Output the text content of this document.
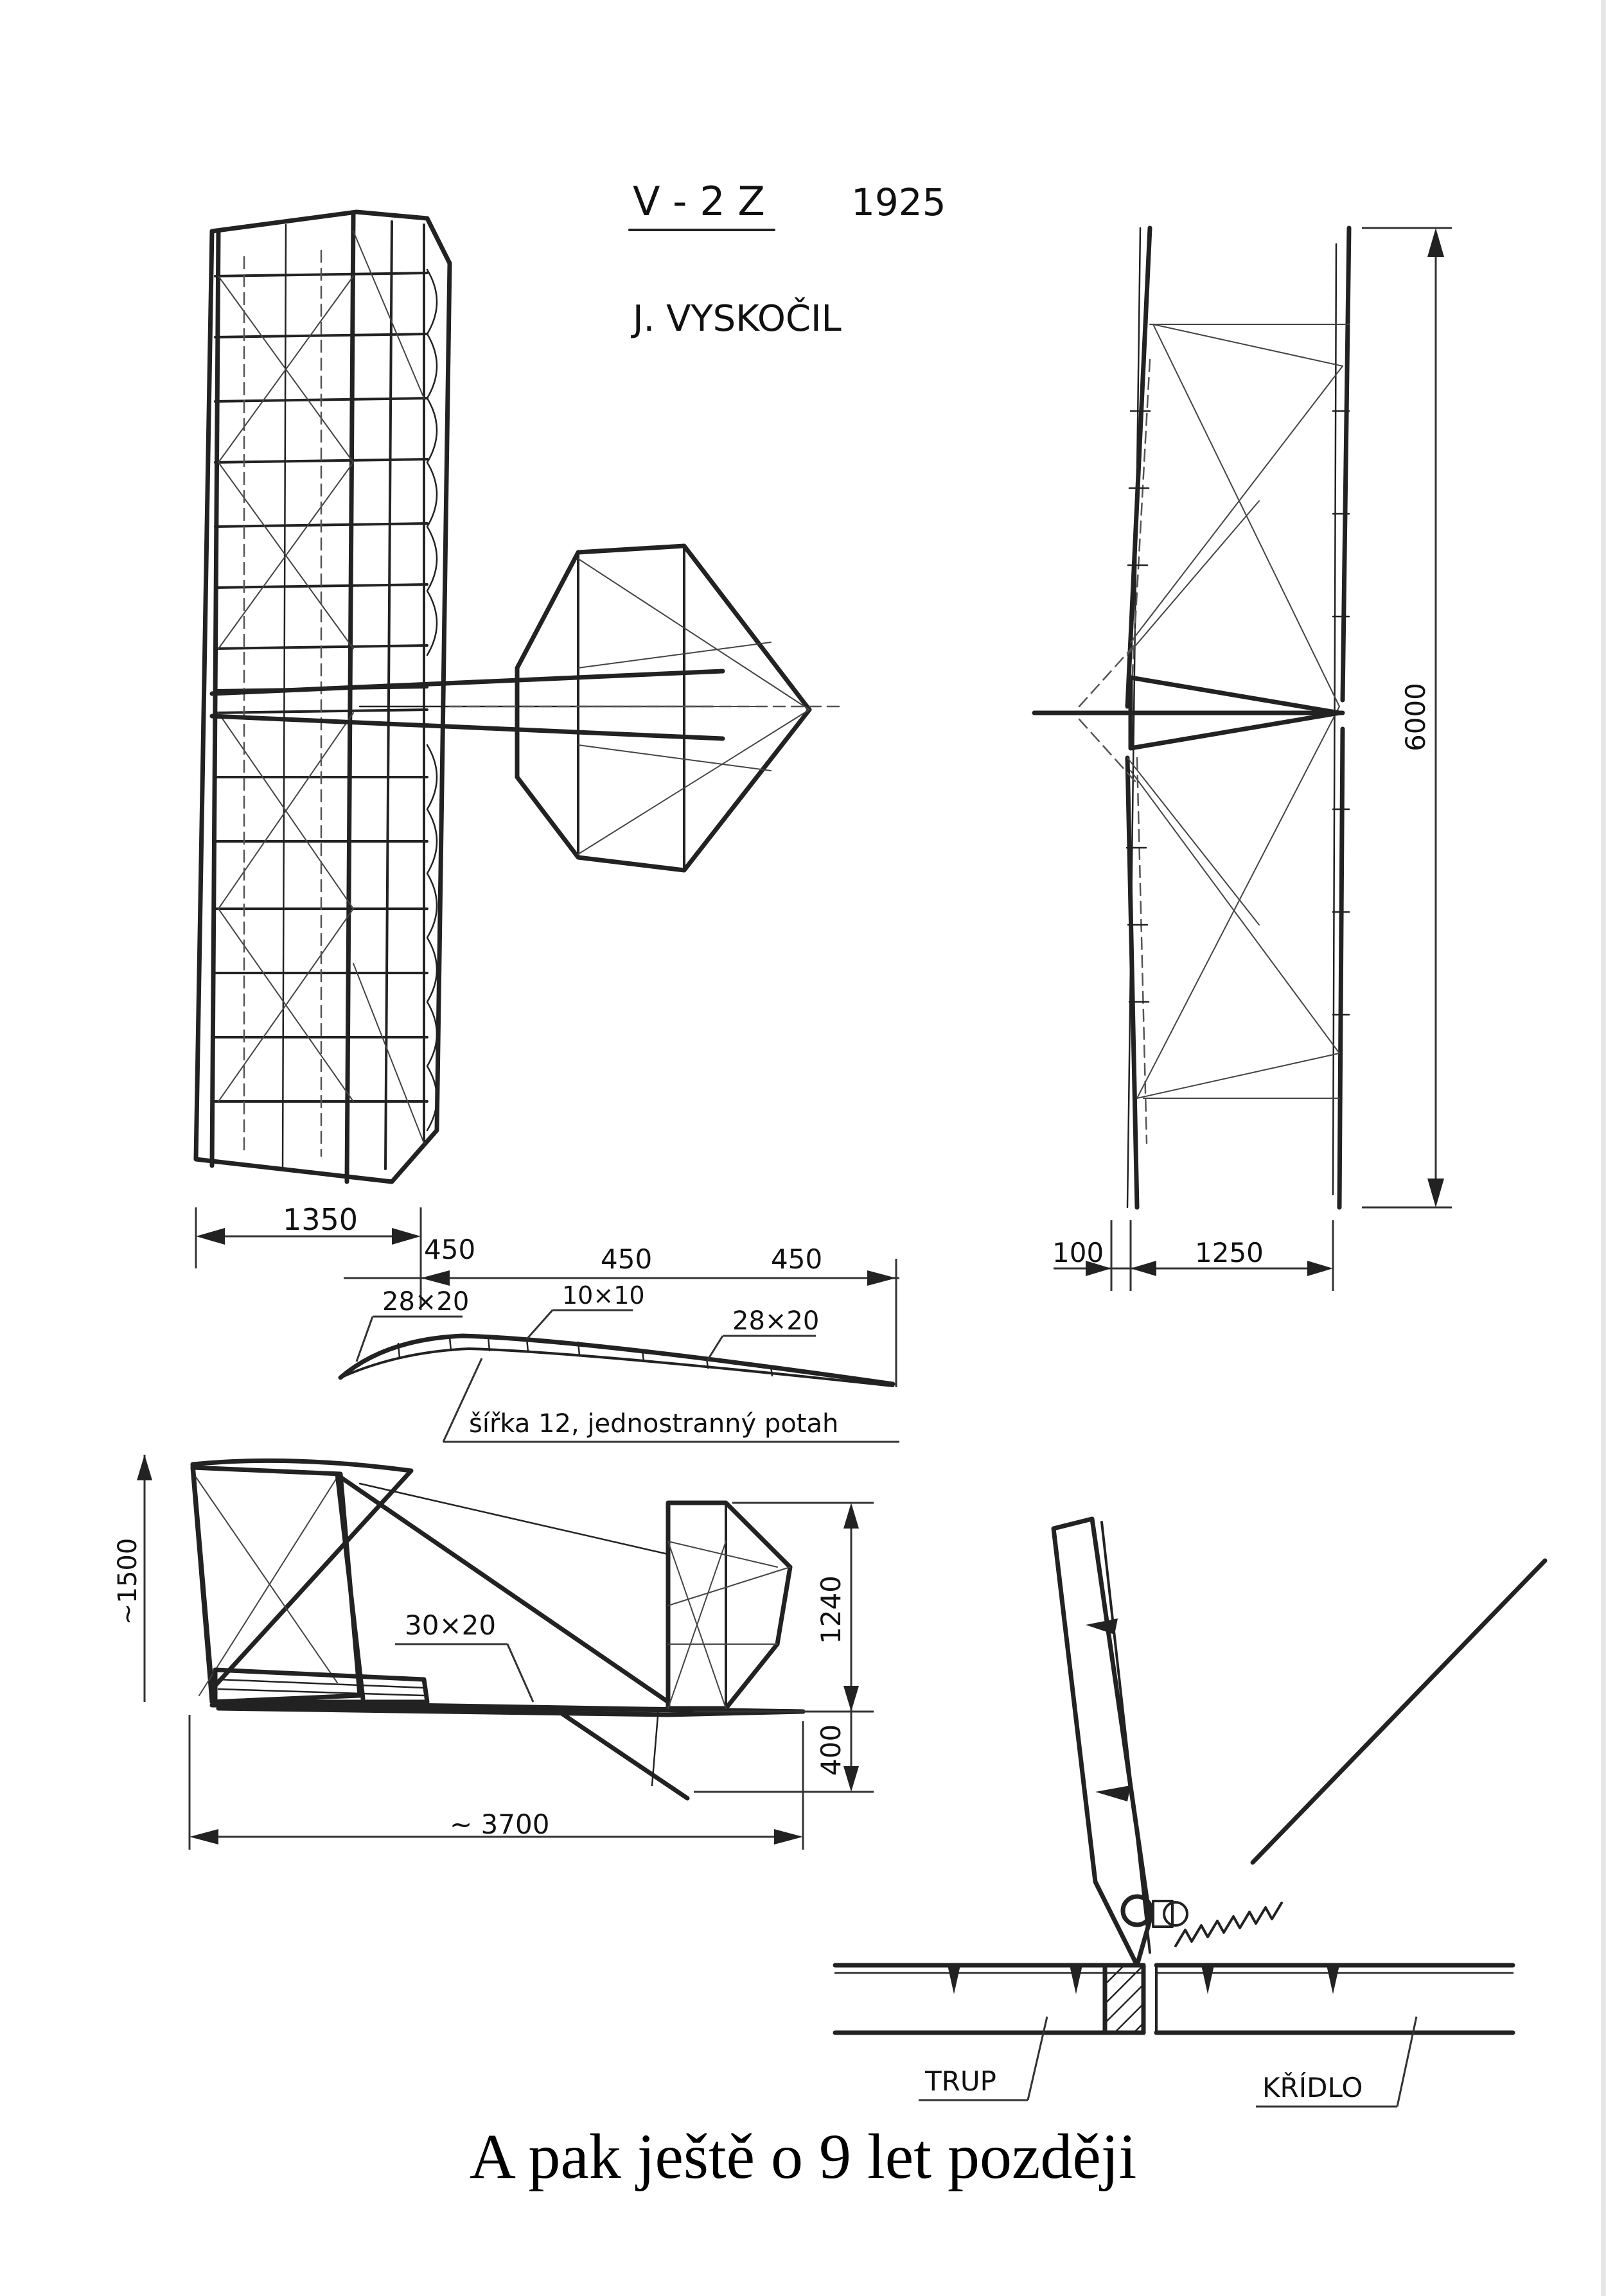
V - 2 Z 1925
J. VYSKOČIL
1350
6000
100	1250
450	450	450
28×20	10×10
28×20
šířka 12, jednostranný potah
30×20
~1500	1240
400
~ 3700
TRUP	KŘÍDLO
A pak ještě o 9 let později
